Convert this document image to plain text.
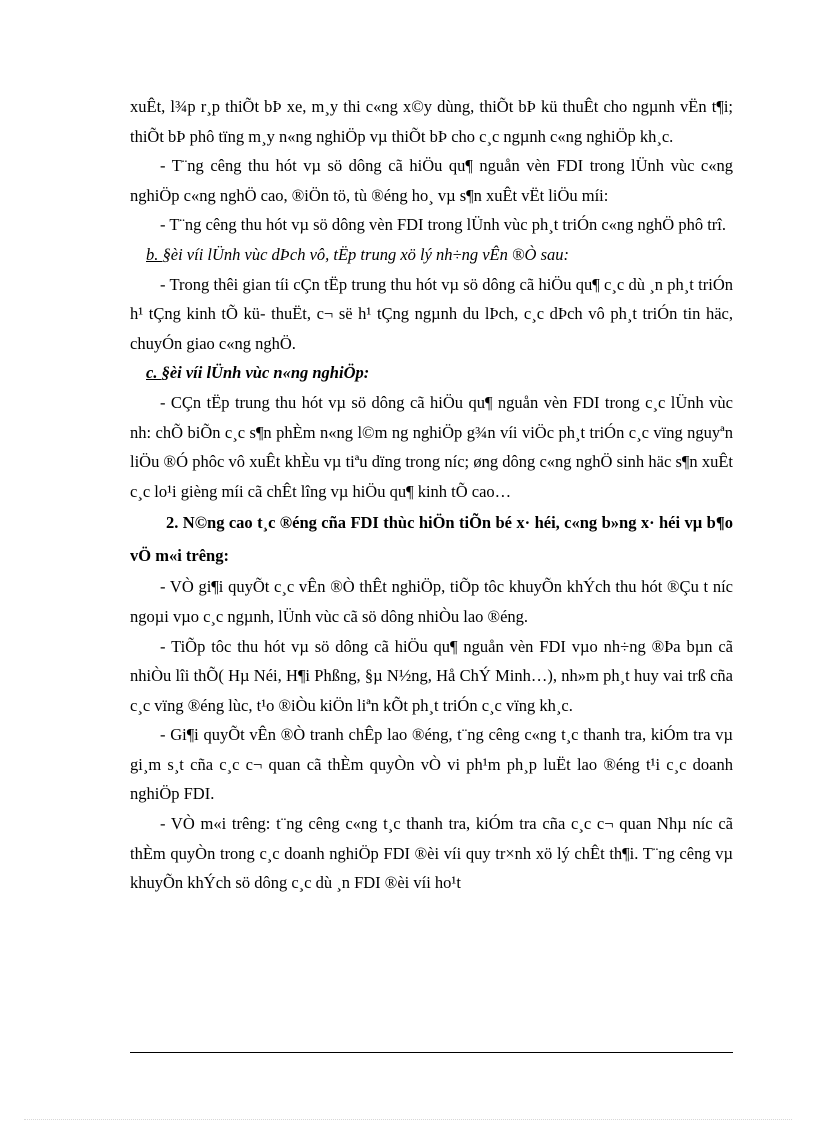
xuÊt, l¾p r¸p thiÕt bÞ xe, m¸y thi c«ng x©y dùng, thiÕt bÞ kü thuÊt cho ngµnh vËn t¶i; thiÕt bÞ phô tïng m¸y n«ng nghiÖp vµ thiÕt bÞ cho c¸c ngµnh c«ng nghiÖp kh¸c.

- T¨ng cêng thu hót vµ sö dông cã hiÖu qu¶ nguån vèn FDI trong lÜnh vùc c«ng nghiÖp c«ng nghÖ cao, ®iÖn tö, tù ®éng ho¸ vµ s¶n xuÊt vËt liÖu míi:

- T¨ng cêng thu hót vµ sö dông vèn FDI trong lÜnh vùc ph¸t triÓn c«ng nghÖ phô trî.

b. §èi víi lÜnh vùc dÞch vô, tËp trung xö lý nh÷ng vÊn ®Ò sau:

- Trong thêi gian tíi cÇn tËp trung thu hót vµ sö dông cã hiÖu qu¶ c¸c dù ¸n ph¸t triÓn h¹ tÇng kinh tÕ kü- thuËt, c¬ së h¹ tÇng ngµnh du lÞch, c¸c dÞch vô ph¸t triÓn tin häc, chuyÓn giao c«ng nghÖ.

c. §èi víi lÜnh vùc n«ng nghiÖp:

- CÇn tËp trung thu hót vµ sö dông cã hiÖu qu¶ nguån vèn FDI trong c¸c lÜnh vùc nh: chÕ biÕn c¸c s¶n phÈm n«ng l©m ng nghiÖp g¾n víi viÖc ph¸t triÓn c¸c vïng nguyªn liÖu ®Ó phôc vô xuÊt khÈu vµ tiªu dïng trong níc; øng dông c«ng nghÖ sinh häc s¶n xuÊt c¸c lo¹i gièng míi cã chÊt lîng vµ hiÖu qu¶ kinh tÕ cao…

2. N©ng cao t¸c ®éng cña FDI thùc hiÖn tiÕn bé x· héi, c«ng b»ng x· héi vµ b¶o vÖ m«i trêng:

- VÒ gi¶i quyÕt c¸c vÊn ®Ò thÊt nghiÖp, tiÕp tôc khuyÕn khÝch thu hót ®Çu t níc ngoµi vµo c¸c ngµnh, lÜnh vùc cã sö dông nhiÒu lao ®éng.

- TiÕp tôc thu hót vµ sö dông cã hiÖu qu¶ nguån vèn FDI vµo nh÷ng ®Þa bµn cã nhiÒu lîi thÕ( Hµ Néi, H¶i Phßng, §µ N½ng, Hå ChÝ Minh…), nh»m ph¸t huy vai trß cña c¸c vïng ®éng lùc, t¹o ®iÒu kiÖn liªn kÕt ph¸t triÓn c¸c vïng kh¸c.

- Gi¶i quyÕt vÊn ®Ò tranh chÊp lao ®éng, t¨ng cêng c«ng t¸c thanh tra, kiÓm tra vµ gi¸m s¸t cña c¸c c¬ quan cã thÈm quyÒn vÒ vi ph¹m ph¸p luËt lao ®éng t¹i c¸c doanh nghiÖp FDI.

- VÒ m«i trêng: t¨ng cêng c«ng t¸c thanh tra, kiÓm tra cña c¸c c¬ quan Nhµ níc cã thÈm quyÒn trong c¸c doanh nghiÖp FDI ®èi víi quy tr×nh xö lý chÊt th¶i. T¨ng cêng vµ khuyÕn khÝch sö dông c¸c dù ¸n FDI ®èi víi ho¹t
